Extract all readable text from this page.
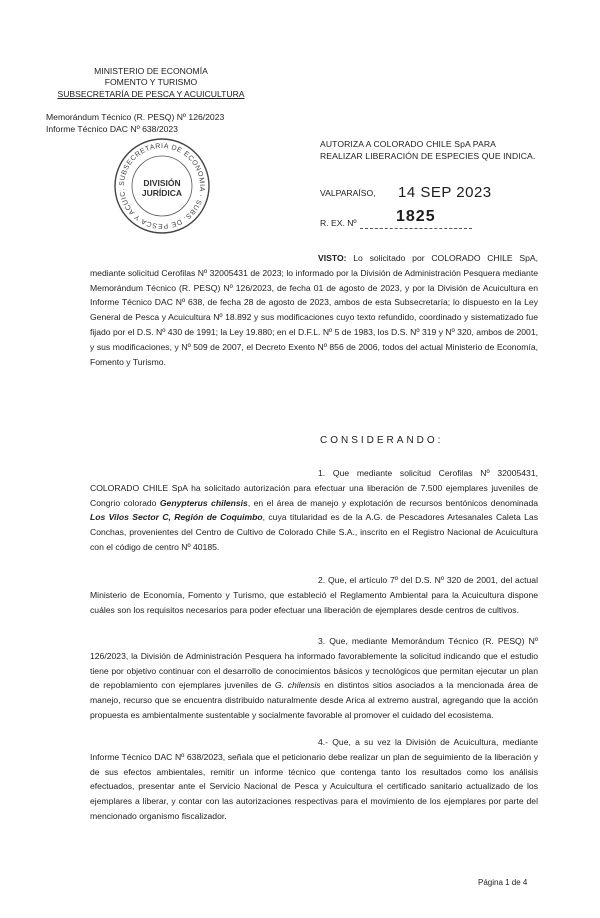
MINISTERIO DE ECONOMÍA
FOMENTO Y TURISMO
SUBSECRETARÍA DE PESCA Y ACUICULTURA
Memorándum Técnico (R. PESQ) Nº 126/2023
Informe Técnico DAC Nº 638/2023
SUBSECRETARIA DE ECONOMIA · SUBS. DE PESCA Y ACUIC.
DIVISIÓN
JURÍDICA
AUTORIZA A COLORADO CHILE SpA PARA
REALIZAR LIBERACIÓN DE ESPECIES QUE INDICA.
VALPARAÍSO, 14 SEP 2023
R. EX. Nº 1825
VISTO: Lo solicitado por COLORADO CHILE SpA, mediante solicitud Cerofilas Nº 32005431 de 2023; lo informado por la División de Administración Pesquera mediante Memorándum Técnico (R. PESQ) Nº 126/2023, de fecha 01 de agosto de 2023, y por la División de Acuicultura en Informe Técnico DAC Nº 638, de fecha 28 de agosto de 2023, ambos de esta Subsecretaría; lo dispuesto en la Ley General de Pesca y Acuicultura Nº 18.892 y sus modificaciones cuyo texto refundido, coordinado y sistematizado fue fijado por el D.S. Nº 430 de 1991; la Ley 19.880; en el D.F.L. Nº 5 de 1983, los D.S. Nº 319 y Nº 320, ambos de 2001, y sus modificaciones, y Nº 509 de 2007, el Decreto Exento Nº 856 de 2006, todos del actual Ministerio de Economía, Fomento y Turismo.
CONSIDERANDO:
1. Que mediante solicitud Cerofilas Nº 32005431, COLORADO CHILE SpA ha solicitado autorización para efectuar una liberación de 7.500 ejemplares juveniles de Congrio colorado Genypterus chilensis, en el área de manejo y explotación de recursos bentónicos denominada Los Vilos Sector C, Región de Coquimbo, cuya titularidad es de la A.G. de Pescadores Artesanales Caleta Las Conchas, provenientes del Centro de Cultivo de Colorado Chile S.A., inscrito en el Registro Nacional de Acuicultura con el código de centro Nº 40185.
2. Que, el artículo 7º del D.S. Nº 320 de 2001, del actual Ministerio de Economía, Fomento y Turismo, que estableció el Reglamento Ambiental para la Acuicultura dispone cuáles son los requisitos necesarios para poder efectuar una liberación de ejemplares desde centros de cultivos.
3. Que, mediante Memorándum Técnico (R. PESQ) Nº 126/2023, la División de Administración Pesquera ha informado favorablemente la solicitud indicando que el estudio tiene por objetivo continuar con el desarrollo de conocimientos básicos y tecnológicos que permitan ejecutar un plan de repoblamiento con ejemplares juveniles de G. chilensis en distintos sitios asociados a la mencionada área de manejo, recurso que se encuentra distribuido naturalmente desde Arica al extremo austral, agregando que la acción propuesta es ambientalmente sustentable y socialmente favorable al promover el cuidado del ecosistema.
4.- Que, a su vez la División de Acuicultura, mediante Informe Técnico DAC Nº 638/2023, señala que el peticionario debe realizar un plan de seguimiento de la liberación y de sus efectos ambientales, remitir un informe técnico que contenga tanto los resultados como los análisis efectuados, presentar ante el Servicio Nacional de Pesca y Acuicultura el certificado sanitario actualizado de los ejemplares a liberar, y contar con las autorizaciones respectivas para el movimiento de los ejemplares por parte del mencionado organismo fiscalizador.
Página 1 de 4
